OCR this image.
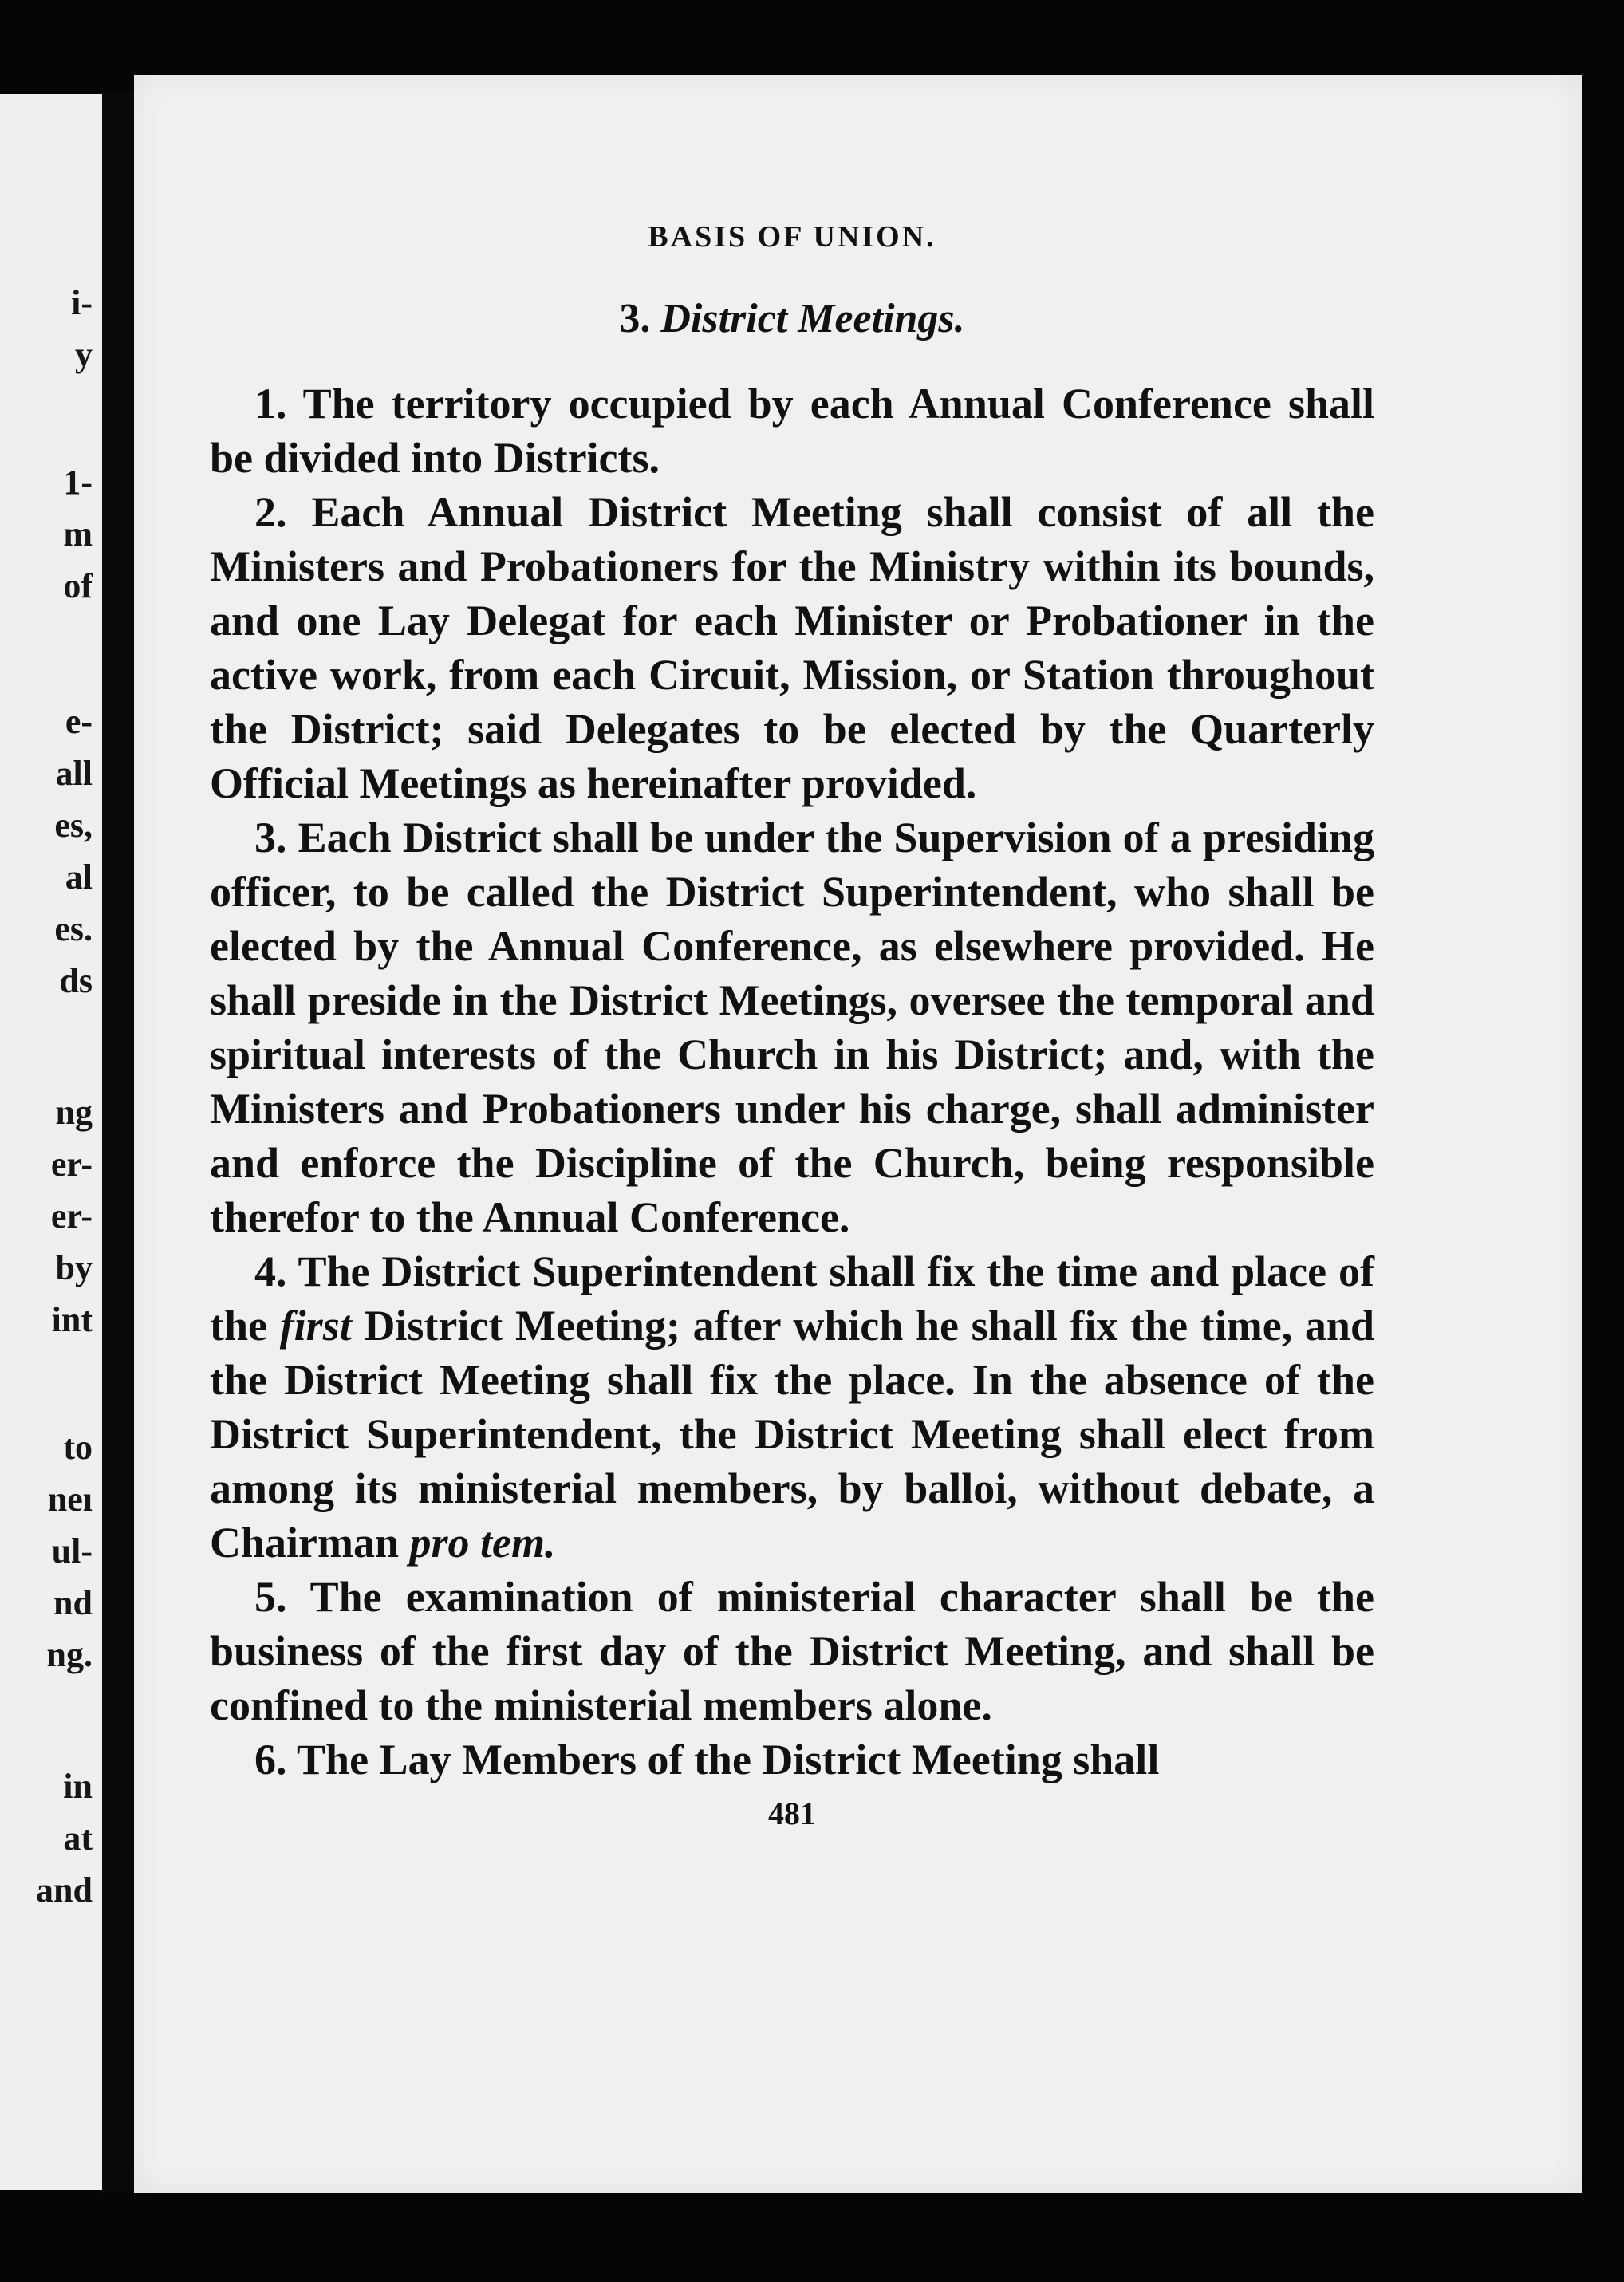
i-
y
1-
m
of
e-
all
es,
al
es.
ds
ng
er-
er-
by
int
to
neı
ul-
nd
ng.
in
at
and
BASIS OF UNION.
3. District Meetings.

1. The territory occupied by each Annual Conference shall be divided into Districts.

2. Each Annual District Meeting shall consist of all the Ministers and Probationers for the Ministry within its bounds, and one Lay Delegat for each Minister or Probationer in the active work, from each Circuit, Mission, or Station throughout the District; said Delegates to be elected by the Quarterly Official Meetings as hereinafter provided.

3. Each District shall be under the Supervision of a presiding officer, to be called the District Superintendent, who shall be elected by the Annual Conference, as elsewhere provided. He shall preside in the District Meetings, oversee the temporal and spiritual interests of the Church in his District; and, with the Ministers and Probationers under his charge, shall administer and enforce the Discipline of the Church, being responsible therefor to the Annual Conference.

4. The District Superintendent shall fix the time and place of the first District Meeting; after which he shall fix the time, and the District Meeting shall fix the place. In the absence of the District Superintendent, the District Meeting shall elect from among its ministerial members, by balloi, without debate, a Chairman pro tem.

5. The examination of ministerial character shall be the business of the first day of the District Meeting, and shall be confined to the ministerial members alone.

6. The Lay Members of the District Meeting shall

481
